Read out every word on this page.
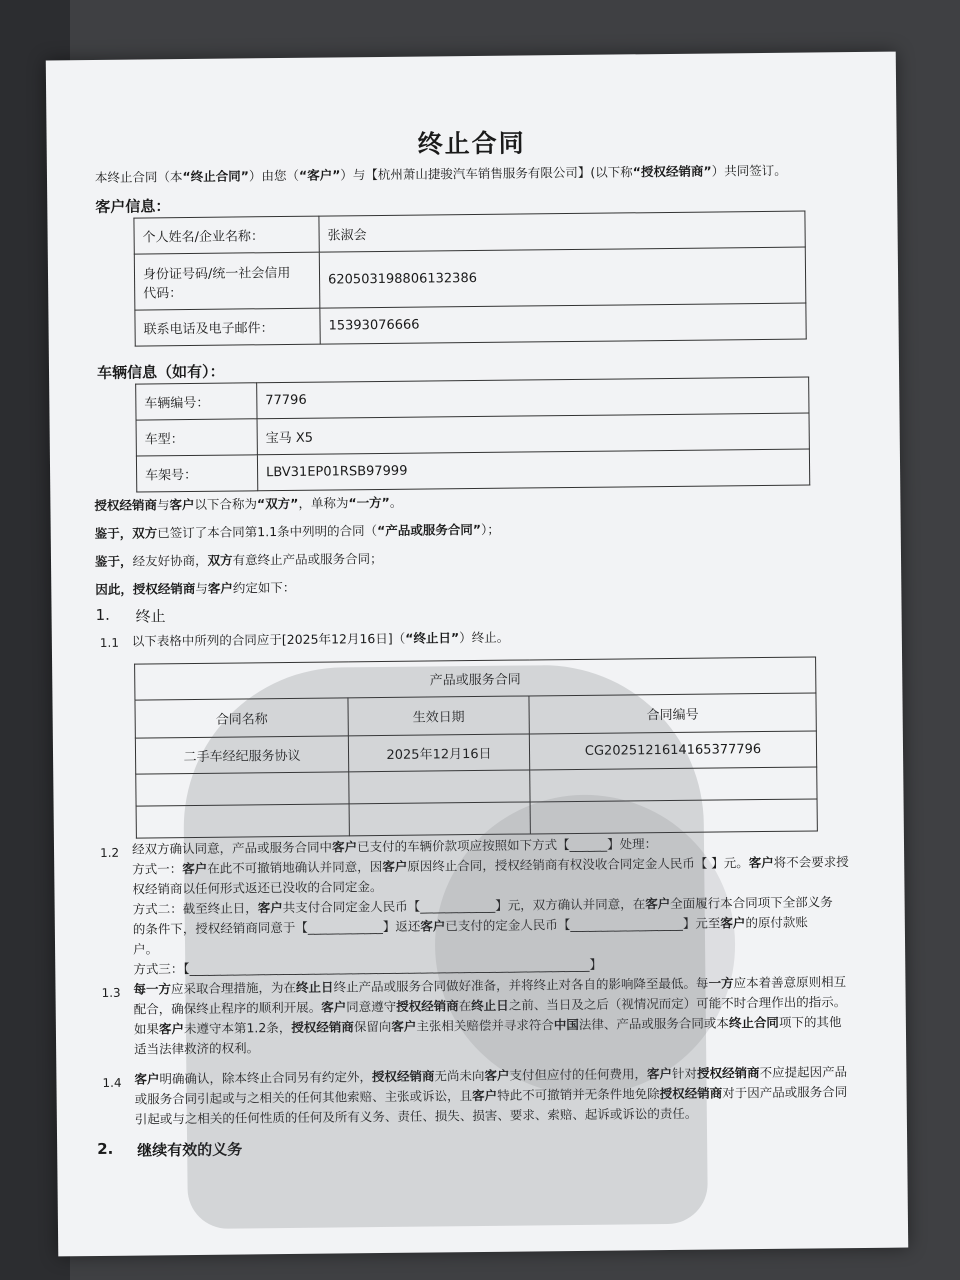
终止合同
本终止合同（本“终止合同”）由您（“客户”）与【杭州萧山捷骏汽车销售服务有限公司】(以下称“授权经销商”）共同签订。
客户信息：
个人姓名/企业名称：	张淑会
身份证号码/统一社会信用
代码：	620503198806132386
联系电话及电子邮件：	15393076666
车辆信息（如有）：
车辆编号：	77796
车型：	宝马 X5
车架号：	LBV31EP01RSB97999
授权经销商与客户以下合称为“双方”，单称为“一方”。
鉴于，双方已签订了本合同第1.1条中列明的合同（“产品或服务合同”）；
鉴于，经友好协商，双方有意终止产品或服务合同；
因此，授权经销商与客户约定如下：
1. 终止
1.1 以下表格中所列的合同应于[2025年12月16日]（“终止日”）终止。
产品或服务合同		
合同名称	生效日期	合同编号
二手车经纪服务协议	2025年12月16日	CG2025121614165377796

1.2 经双方确认同意，产品或服务合同中客户已支付的车辆价款项应按照如下方式【______】处理：
方式一：客户在此不可撤销地确认并同意，因客户原因终止合同，授权经销商有权没收合同定金人民币【 】元。客户将不会要求授
权经销商以任何形式返还已没收的合同定金。
方式二：截至终止日，客户共支付合同定金人民币【____________】元，双方确认并同意，在客户全面履行本合同项下全部义务
的条件下，授权经销商同意于【____________】返还客户已支付的定金人民币【__________________】元至客户的原付款账
户。
方式三：【________________________________________________________________】
1.3 每一方应采取合理措施，为在终止日终止产品或服务合同做好准备，并将终止对各自的影响降至最低。每一方应本着善意原则相互
配合，确保终止程序的顺利开展。客户同意遵守授权经销商在终止日之前、当日及之后（视情况而定）可能不时合理作出的指示。
如果客户未遵守本第1.2条，授权经销商保留向客户主张相关赔偿并寻求符合中国法律、产品或服务合同或本终止合同项下的其他
适当法律救济的权利。
1.4 客户明确确认，除本终止合同另有约定外，授权经销商无尚未向客户支付但应付的任何费用，客户针对授权经销商不应提起因产品
或服务合同引起或与之相关的任何其他索赔、主张或诉讼，且客户特此不可撤销并无条件地免除授权经销商对于因产品或服务合同
引起或与之相关的任何性质的任何及所有义务、责任、损失、损害、要求、索赔、起诉或诉讼的责任。
2. 继续有效的义务
